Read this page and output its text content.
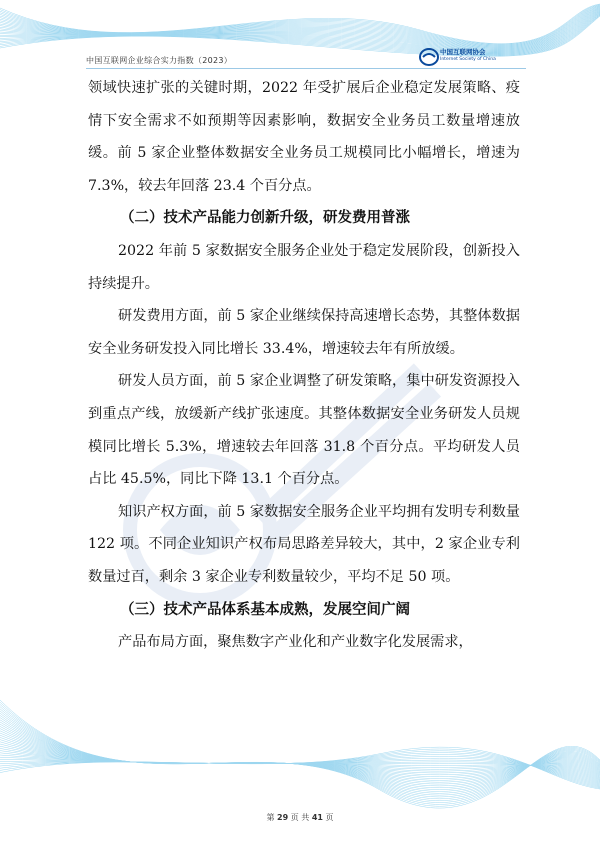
中国互联网企业综合实力指数（2023）
中国互联网协会
Internet Society of China

领域快速扩张的关键时期，2022 年受扩展后企业稳定发展策略、疫情下安全需求不如预期等因素影响，数据安全业务员工数量增速放缓。前 5 家企业整体数据安全业务员工规模同比小幅增长，增速为 7.3%，较去年回落 23.4 个百分点。

（二）技术产品能力创新升级，研发费用普涨

2022 年前 5 家数据安全服务企业处于稳定发展阶段，创新投入持续提升。

研发费用方面，前 5 家企业继续保持高速增长态势，其整体数据安全业务研发投入同比增长 33.4%，增速较去年有所放缓。

研发人员方面，前 5 家企业调整了研发策略，集中研发资源投入到重点产线，放缓新产线扩张速度。其整体数据安全业务研发人员规模同比增长 5.3%，增速较去年回落 31.8 个百分点。平均研发人员占比 45.5%，同比下降 13.1 个百分点。

知识产权方面，前 5 家数据安全服务企业平均拥有发明专利数量 122 项。不同企业知识产权布局思路差异较大，其中，2 家企业专利数量过百，剩余 3 家企业专利数量较少，平均不足 50 项。

（三）技术产品体系基本成熟，发展空间广阔

产品布局方面，聚焦数字产业化和产业数字化发展需求，

第 29 页 共 41 页
